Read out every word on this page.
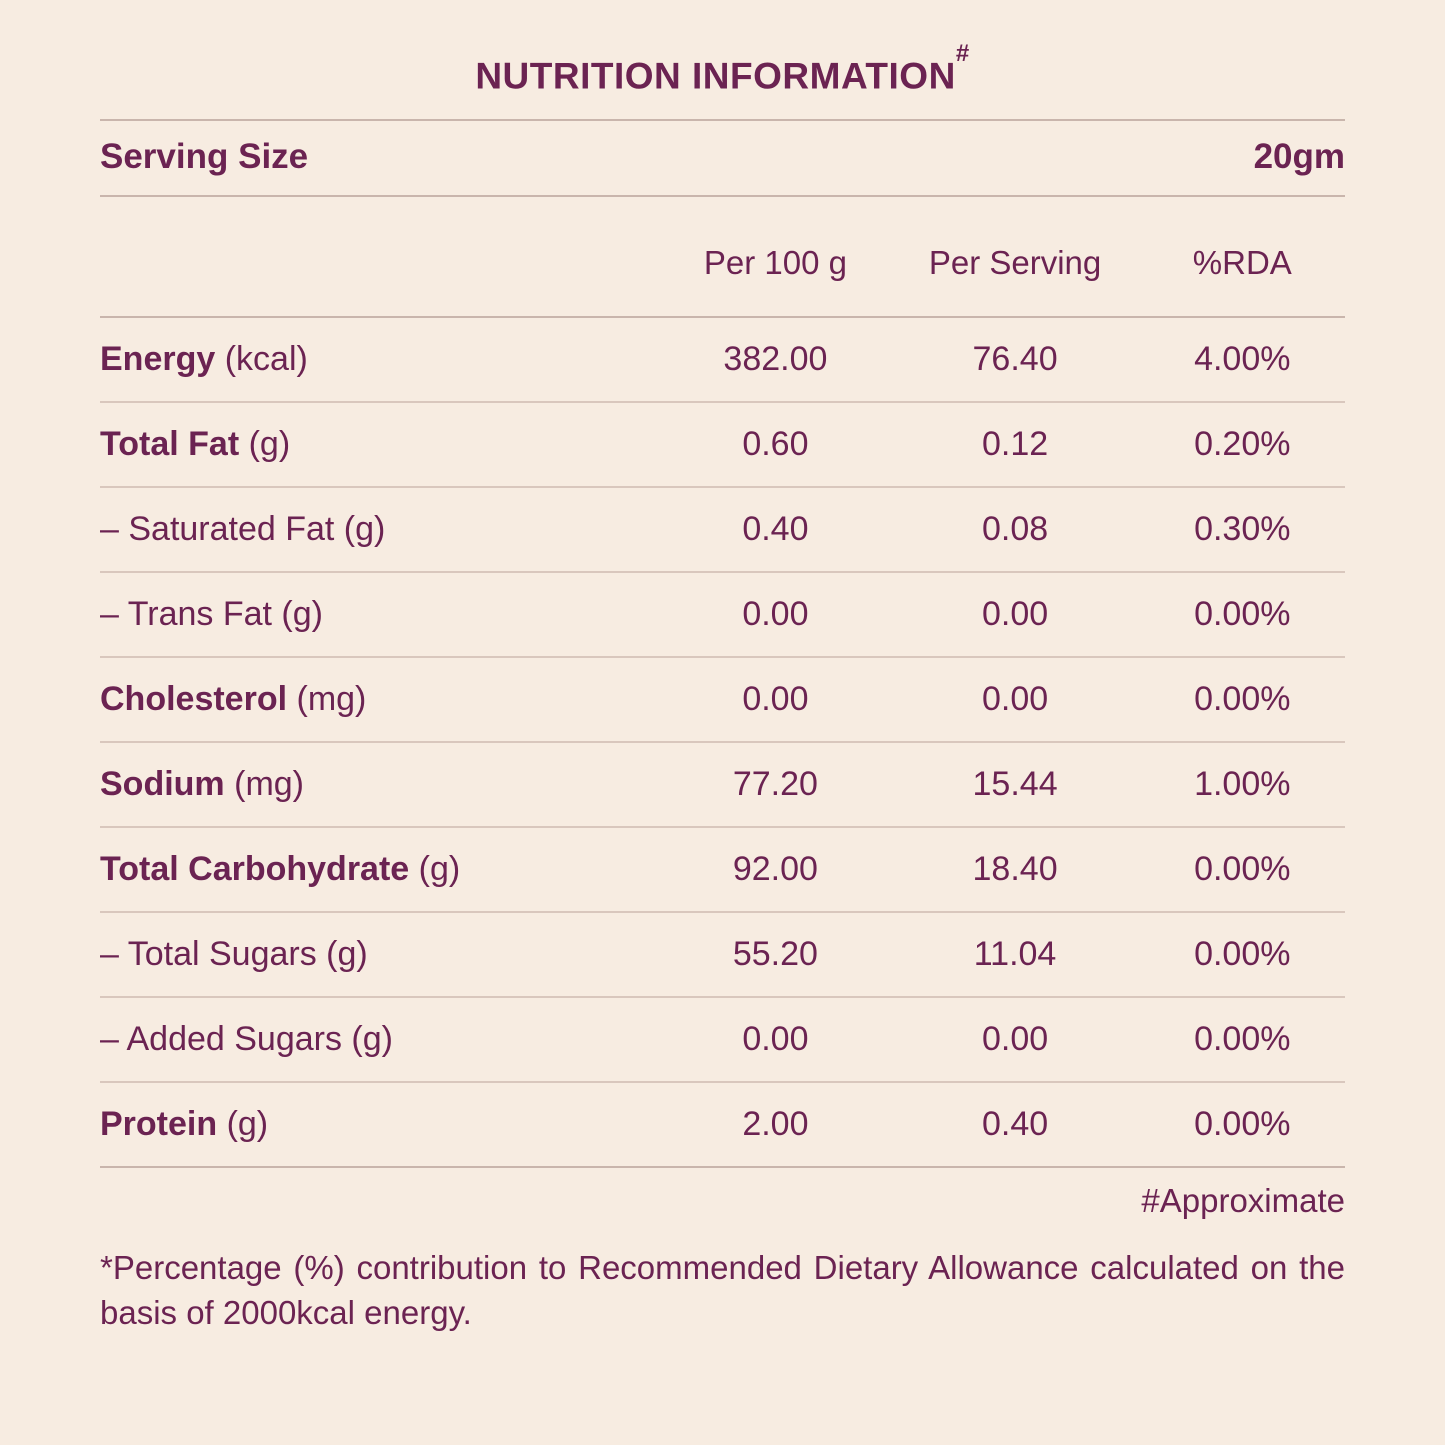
NUTRITION INFORMATION#
Serving Size		20gm	

	Per 100 g	Per Serving	%RDA
Energy (kcal)	382.00	76.40	4.00%
Total Fat (g)	0.60	0.12	0.20%
– Saturated Fat (g)	0.40	0.08	0.30%
– Trans Fat (g)	0.00	0.00	0.00%
Cholesterol (mg)	0.00	0.00	0.00%
Sodium (mg)	77.20	15.44	1.00%
Total Carbohydrate (g)	92.00	18.40	0.00%
– Total Sugars (g)	55.20	11.04	0.00%
– Added Sugars (g)	0.00	0.00	0.00%
Protein (g)	2.00	0.40	0.00%
#Approximate
*Percentage (%) contribution to Recommended Dietary Allowance calculated on the basis of 2000kcal energy.
